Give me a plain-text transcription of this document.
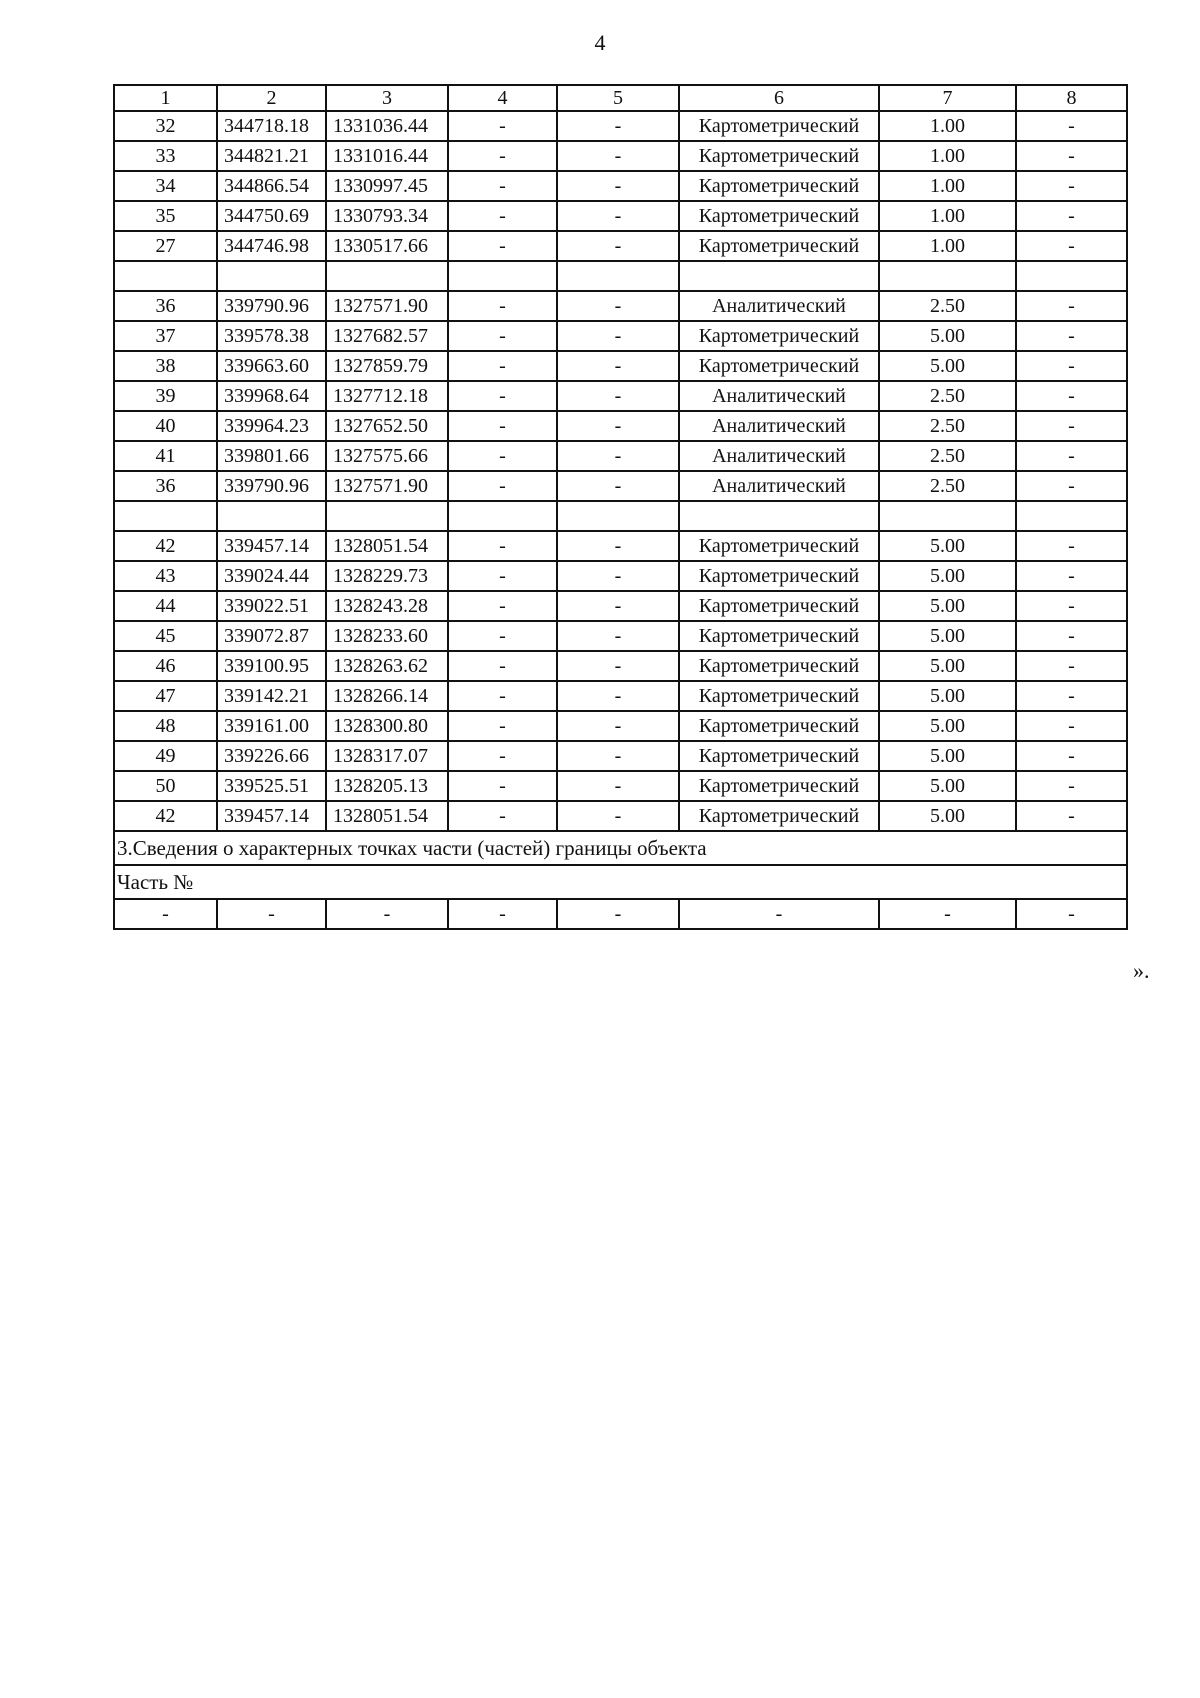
4
1	2	3	4	5	6	7	8
32	344718.18	1331036.44	-	-	Картометрический	1.00	-
33	344821.21	1331016.44	-	-	Картометрический	1.00	-
34	344866.54	1330997.45	-	-	Картометрический	1.00	-
35	344750.69	1330793.34	-	-	Картометрический	1.00	-
27	344746.98	1330517.66	-	-	Картометрический	1.00	-

36	339790.96	1327571.90	-	-	Аналитический	2.50	-
37	339578.38	1327682.57	-	-	Картометрический	5.00	-
38	339663.60	1327859.79	-	-	Картометрический	5.00	-
39	339968.64	1327712.18	-	-	Аналитический	2.50	-
40	339964.23	1327652.50	-	-	Аналитический	2.50	-
41	339801.66	1327575.66	-	-	Аналитический	2.50	-
36	339790.96	1327571.90	-	-	Аналитический	2.50	-

42	339457.14	1328051.54	-	-	Картометрический	5.00	-
43	339024.44	1328229.73	-	-	Картометрический	5.00	-
44	339022.51	1328243.28	-	-	Картометрический	5.00	-
45	339072.87	1328233.60	-	-	Картометрический	5.00	-
46	339100.95	1328263.62	-	-	Картометрический	5.00	-
47	339142.21	1328266.14	-	-	Картометрический	5.00	-
48	339161.00	1328300.80	-	-	Картометрический	5.00	-
49	339226.66	1328317.07	-	-	Картометрический	5.00	-
50	339525.51	1328205.13	-	-	Картометрический	5.00	-
42	339457.14	1328051.54	-	-	Картометрический	5.00	-
3.Сведения о характерных точках части (частей) границы объекта							
Часть №							
-	-	-	-	-	-	-	-
».
